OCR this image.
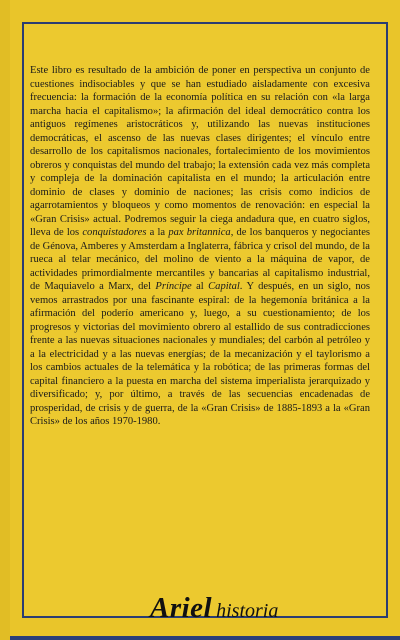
Este libro es resultado de la ambición de poner en perspectiva un conjunto de cuestiones indisociables y que se han estudiado aisladamente con excesiva frecuencia: la formación de la economía política en su relación con «la larga marcha hacia el capitalismo»; la afirmación del ideal democrático contra los antiguos regímenes aristocráticos y, utilizando las nuevas instituciones democráticas, el ascenso de las nuevas clases dirigentes; el vínculo entre desarrollo de los capitalismos nacionales, fortalecimiento de los movimientos obreros y conquistas del mundo del trabajo; la extensión cada vez más completa y compleja de la dominación capitalista en el mundo; la articulación entre dominio de clases y dominio de naciones; las crisis como indicios de agarrotamientos y bloqueos y como momentos de renovación: en especial la «Gran Crisis» actual. Podremos seguir la ciega andadura que, en cuatro siglos, lleva de los conquistadores a la pax britannica, de los banqueros y negociantes de Génova, Amberes y Amsterdam a Inglaterra, fábrica y crisol del mundo, de la rueca al telar mecánico, del molino de viento a la máquina de vapor, de actividades primordialmente mercantiles y bancarias al capitalismo industrial, de Maquiavelo a Marx, del Príncipe al Capital. Y después, en un siglo, nos vemos arrastrados por una fascinante espiral: de la hegemonía británica a la afirmación del poderío americano y, luego, a su cuestionamiento; de los progresos y victorias del movimiento obrero al estallido de sus contradicciones frente a las nuevas situaciones nacionales y mundiales; del carbón al petróleo y a la electricidad y a las nuevas energías; de la mecanización y el taylorismo a los cambios actuales de la telemática y la robótica; de las primeras formas del capital financiero a la puesta en marcha del sistema imperialista jerarquizado y diversificado; y, por último, a través de las secuencias encadenadas de prosperidad, de crisis y de guerra, de la «Gran Crisis» de 1885-1893 a la «Gran Crisis» de los años 1970-1980.

Ariel historia
